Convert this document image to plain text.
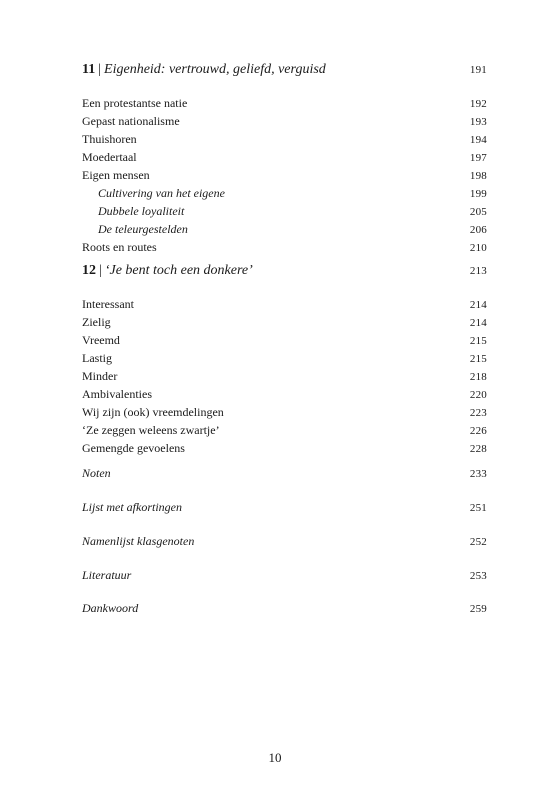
11 | Eigenheid: vertrouwd, geliefd, verguisd	191
Een protestantse natie	192
Gepast nationalisme	193
Thuishoren	194
Moedertaal	197
Eigen mensen	198
Cultivering van het eigene	199
Dubbele loyaliteit	205
De teleurgestelden	206
Roots en routes	210
12 | ‘Je bent toch een donkere’	213
Interessant	214
Zielig	214
Vreemd	215
Lastig	215
Minder	218
Ambivalenties	220
Wij zijn (ook) vreemdelingen	223
‘Ze zeggen weleens zwartje’	226
Gemengde gevoelens	228
Noten	233
Lijst met afkortingen	251
Namenlijst klasgenoten	252
Literatuur	253
Dankwoord	259
10
